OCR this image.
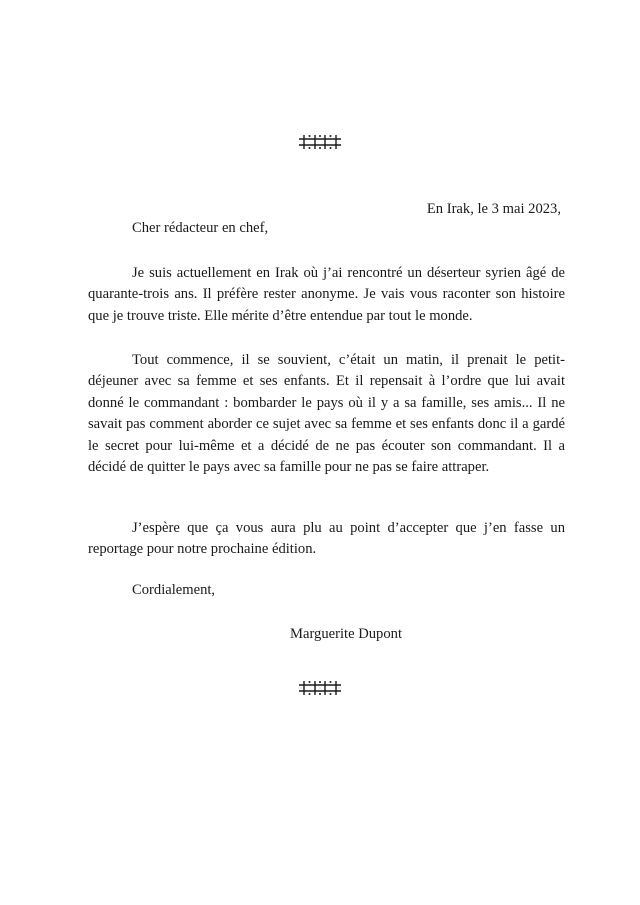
En Irak, le 3 mai 2023,
Cher rédacteur en chef,

Je suis actuellement en Irak où j’ai rencontré un déserteur syrien âgé de quarante-trois ans. Il préfère rester anonyme. Je vais vous raconter son histoire que je trouve triste. Elle mérite d’être entendue par tout le monde.

Tout commence, il se souvient, c’était un matin, il prenait le petit-déjeuner avec sa femme et ses enfants. Et il repensait à l’ordre que lui avait donné le commandant : bombarder le pays où il y a sa famille, ses amis... Il ne savait pas comment aborder ce sujet avec sa femme et ses enfants donc il a gardé le secret pour lui-même et a décidé de ne pas écouter son commandant. Il a décidé de quitter le pays avec sa famille pour ne pas se faire attraper.

J’espère que ça vous aura plu au point d’accepter que j’en fasse un reportage pour notre prochaine édition.

Cordialement,
Marguerite Dupont
